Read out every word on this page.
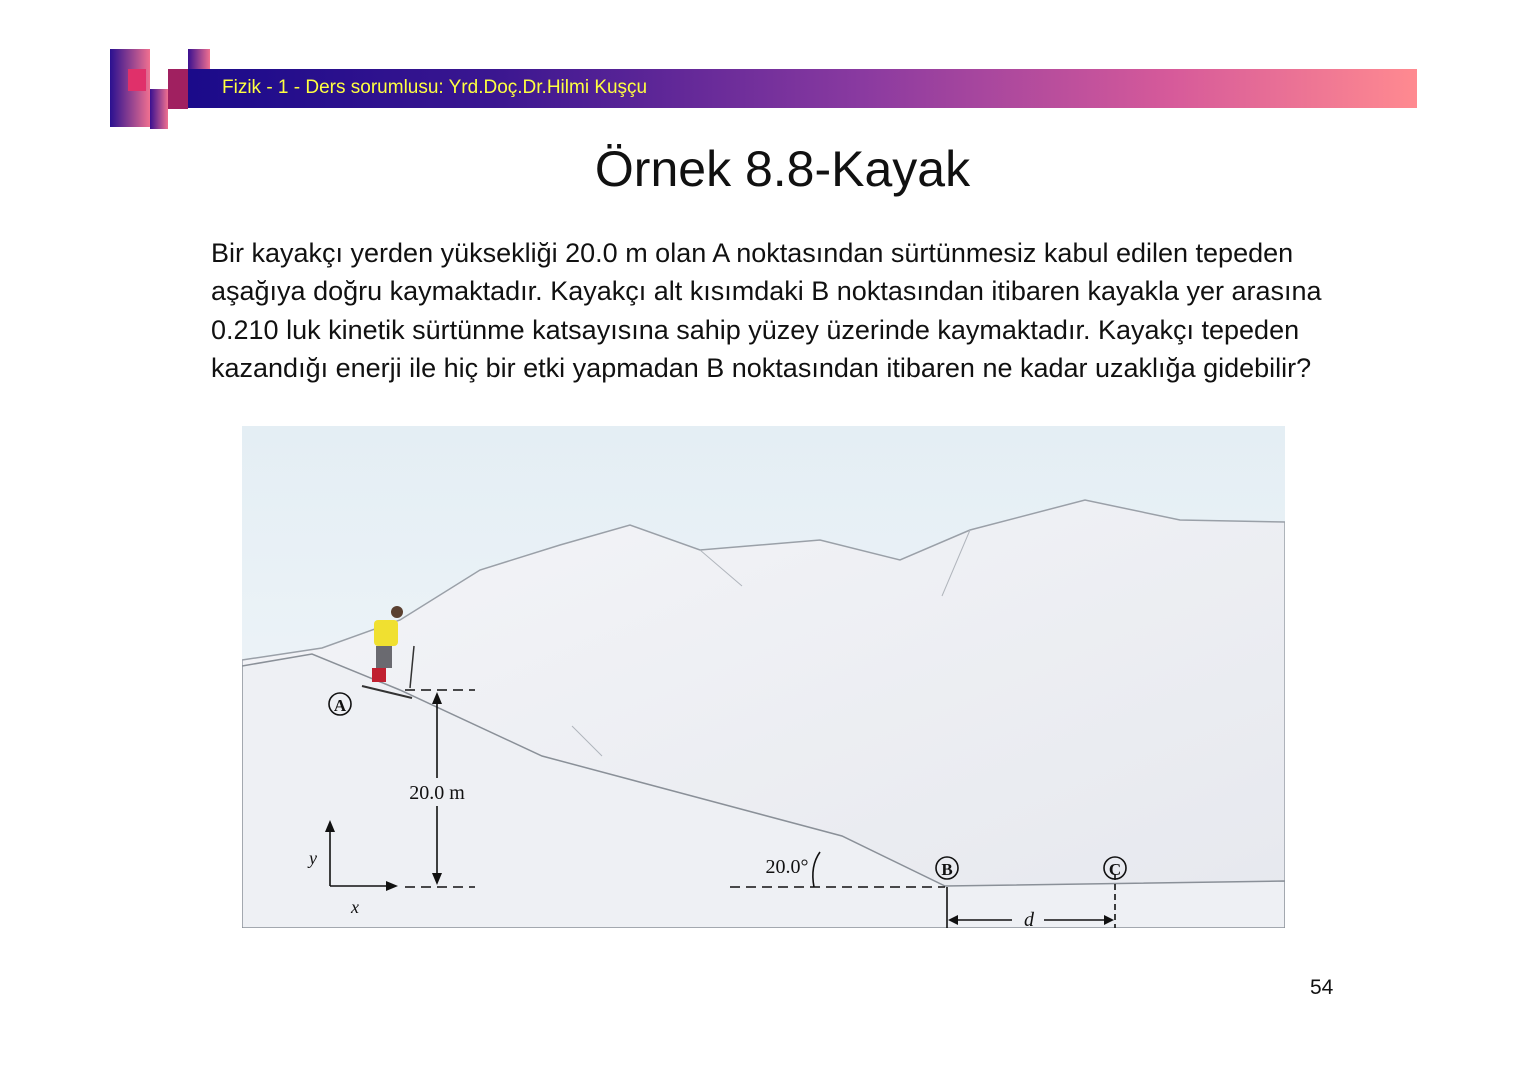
Fizik - 1 - Ders sorumlusu: Yrd.Doç.Dr.Hilmi Kuşçu
Örnek 8.8-Kayak
Bir kayakçı yerden yüksekliği 20.0 m olan A noktasından sürtünmesiz kabul edilen tepeden aşağıya doğru kaymaktadır. Kayakçı alt kısımdaki B noktasından itibaren kayakla yer arasına 0.210 luk kinetik sürtünme katsayısına sahip yüzey üzerinde kaymaktadır. Kayakçı tepeden kazandığı enerji ile hiç bir etki yapmadan B noktasından itibaren ne kadar uzaklığa gidebilir?
A
B	C
20.0 m
20.0°
d
x
y
54
